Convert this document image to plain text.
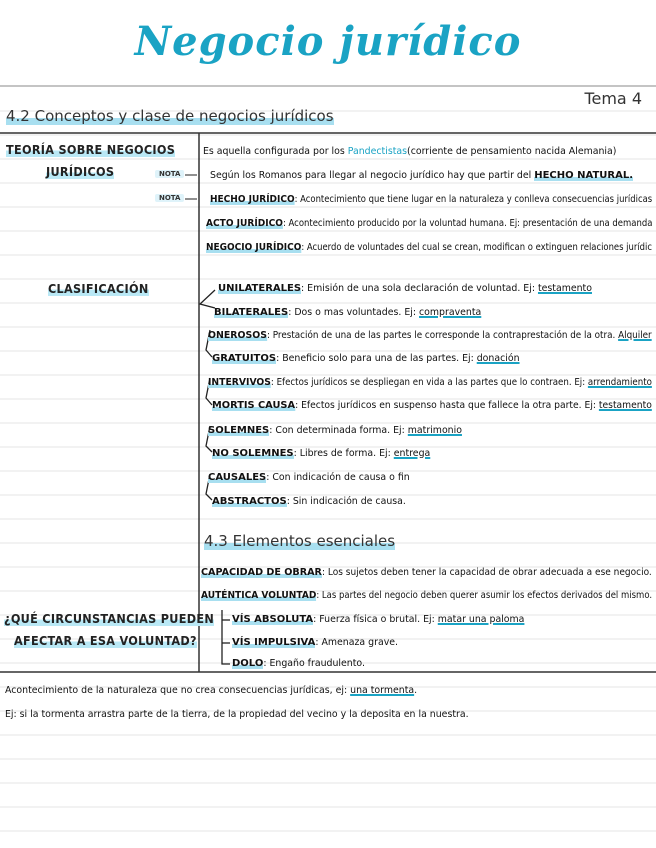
Negocio jurídico
Tema 4
4.2 Conceptos y clase de negocios jurídicos
4.3 Elementos esenciales
TEORÍA SOBRE NEGOCIOS
JURÍDICOS	NOTA
NOTA
CLASIFICACIÓN
¿QUÉ CIRCUNSTANCIAS PUEDEN
AFECTAR A ESA VOLUNTAD?
Es aquella configurada por los Pandectistas(corriente de pensamiento nacida Alemania)
Según los Romanos para llegar al negocio jurídico hay que partir del HECHO NATURAL.
HECHO JURÍDICO: Acontecimiento que tiene lugar en la naturaleza y conlleva consecuencias jurídicas
ACTO JURÍDICO: Acontecimiento producido por la voluntad humana. Ej: presentación de una demanda
NEGOCIO JURÍDICO: Acuerdo de voluntades del cual se crean, modifican o extinguen relaciones jurídic
UNILATERALES: Emisión de una sola declaración de voluntad. Ej: testamento
BILATERALES: Dos o mas voluntades. Ej: compraventa
ONEROSOS: Prestación de una de las partes le corresponde la contraprestación de la otra. Alquiler
GRATUITOS: Beneficio solo para una de las partes. Ej: donación
INTERVIVOS: Efectos jurídicos se despliegan en vida a las partes que lo contraen. Ej: arrendamiento
MORTIS CAUSA: Efectos jurídicos en suspenso hasta que fallece la otra parte. Ej: testamento
SOLEMNES: Con determinada forma. Ej: matrimonio
NO SOLEMNES: Libres de forma. Ej: entrega
CAUSALES: Con indicación de causa o fin
ABSTRACTOS: Sin indicación de causa.
CAPACIDAD DE OBRAR: Los sujetos deben tener la capacidad de obrar adecuada a ese negocio.
AUTÉNTICA VOLUNTAD: Las partes del negocio deben querer asumir los efectos derivados del mismo.
VÍS ABSOLUTA: Fuerza física o brutal. Ej: matar una paloma
VÍS IMPULSIVA: Amenaza grave.
DOLO: Engaño fraudulento.
Acontecimiento de la naturaleza que no crea consecuencias jurídicas, ej: una tormenta.
Ej: si la tormenta arrastra parte de la tierra, de la propiedad del vecino y la deposita en la nuestra.
